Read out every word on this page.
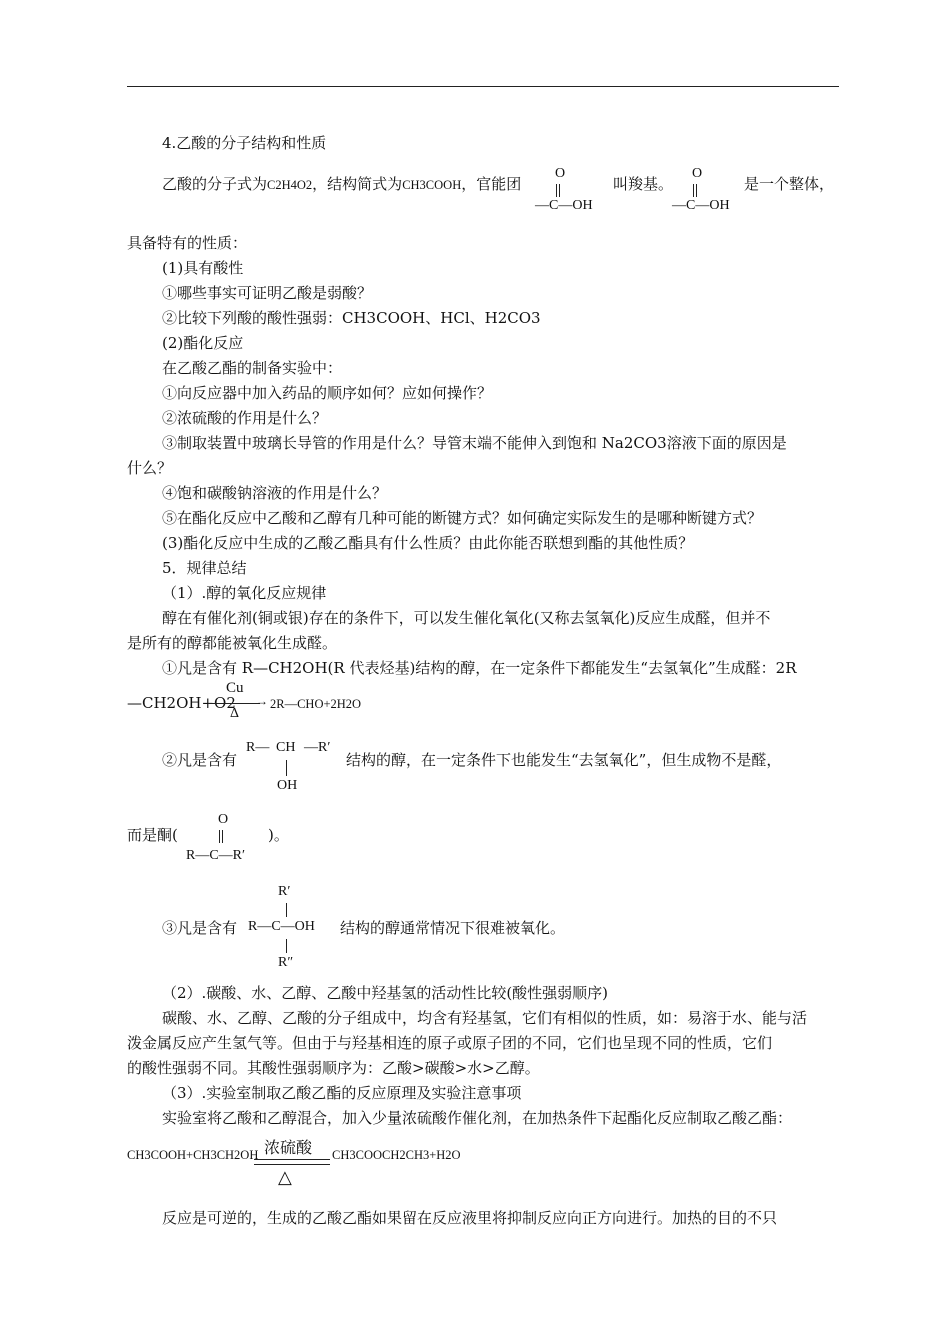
4.乙酸的分子结构和性质
乙酸的分子式为C2H4O2，结构简式为CH3COOH，官能团
O
—C—OH
叫羧基。
O
—C—OH
是一个整体，
具备特有的性质：
(1)具有酸性
①哪些事实可证明乙酸是弱酸？
②比较下列酸的酸性强弱：CH3COOH、HCl、H2CO3
(2)酯化反应
在乙酸乙酯的制备实验中：
①向反应器中加入药品的顺序如何？应如何操作？
②浓硫酸的作用是什么？
③制取装置中玻璃长导管的作用是什么？导管末端不能伸入到饱和 Na2CO3溶液下面的原因是
什么？
④饱和碳酸钠溶液的作用是什么？
⑤在酯化反应中乙酸和乙醇有几种可能的断键方式？如何确定实际发生的是哪种断键方式？
(3)酯化反应中生成的乙酸乙酯具有什么性质？由此你能否联想到酯的其他性质？
5．规律总结
（1）.醇的氧化反应规律
醇在有催化剂(铜或银)存在的条件下，可以发生催化氧化(又称去氢氧化)反应生成醛，但并不
是所有的醇都能被氧化生成醛。
①凡是含有 R—CH2OH(R 代表烃基)结构的醇，在一定条件下都能发生“去氢氧化”生成醛：2R
—CH2OH+O2
Cu
→
Δ
2R—CHO+2H2O
②凡是含有
R— CH —R′
OH
结构的醇，在一定条件下也能发生“去氢氧化”，但生成物不是醛，
而是酮(
O
R—C—R′
)。
③凡是含有
R′
R—C—OH
R″
结构的醇通常情况下很难被氧化。
（2）.碳酸、水、乙醇、乙酸中羟基氢的活动性比较(酸性强弱顺序)
碳酸、水、乙醇、乙酸的分子组成中，均含有羟基氢，它们有相似的性质，如：易溶于水、能与活
泼金属反应产生氢气等。但由于与羟基相连的原子或原子团的不同，它们也呈现不同的性质，它们
的酸性强弱不同。其酸性强弱顺序为：乙酸>碳酸>水>乙醇。
（3）.实验室制取乙酸乙酯的反应原理及实验注意事项
实验室将乙酸和乙醇混合，加入少量浓硫酸作催化剂，在加热条件下起酯化反应制取乙酸乙酯：
CH3COOH+CH3CH2OH 浓硫酸
△
CH3COOCH2CH3+H2O
反应是可逆的，生成的乙酸乙酯如果留在反应液里将抑制反应向正方向进行。加热的目的不只
